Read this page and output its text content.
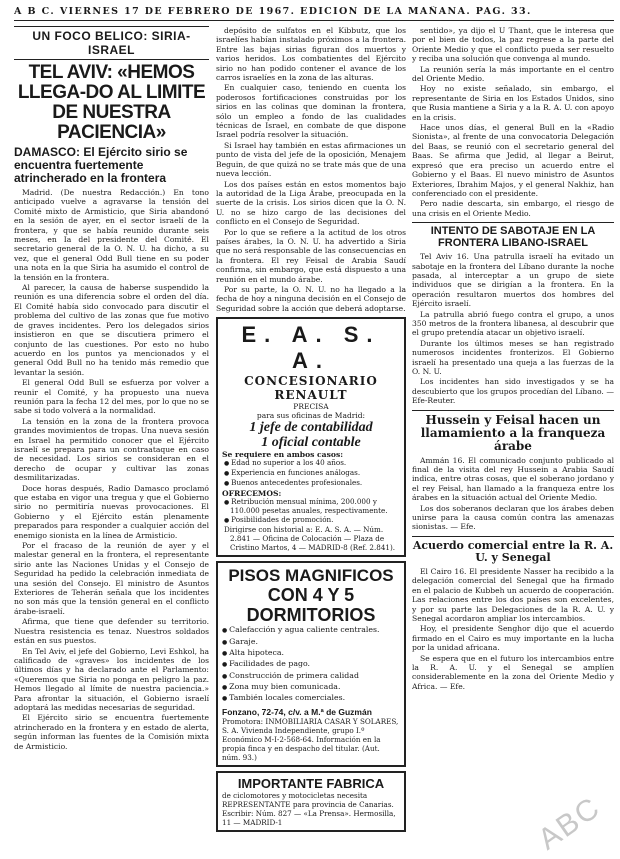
A B C. VIERNES 17 DE FEBRERO DE 1967. EDICION DE LA MAÑANA. PAG. 33.
UN FOCO BELICO: SIRIA-ISRAEL
TEL AVIV: «HEMOS LLEGA-DO AL LIMITE DE NUESTRA PACIENCIA»
DAMASCO: El Ejército sirio se encuentra fuertemente atrincherado en la frontera

Madrid. (De nuestra Redacción.) En tono anticipado vuelve a agravarse la tensión del Comité mixto de Armisticio, que Siria abandonó en la sesión de ayer, en el sector israelí de la frontera, y que se había reunido durante seis meses, en Ia del presidente del Comité. El secretario general de la O. N. U. ha dicho, a su vez, que el general Odd Bull tiene en su poder una nota en la que Siria ha asumido el control de la tensión en la frontera.

Al parecer, la causa de haberse suspendido la reunión es una diferencia sobre el orden del día. El Comité había sido convocado para discutir el problema del cultivo de las zonas que fue motivo de graves incidentes. Pero los delegados sirios insistieron en que se discutiera primero el conjunto de las cuestiones. Por esto no hubo acuerdo en los puntos ya mencionados y el general Odd Bull no ha tenido más remedio que levantar la sesión.

El general Odd Bull se esfuerza por volver a reunir el Comité, y ha propuesto una nueva reunión para la fecha 12 del mes, por lo que no se sabe si todo volverá a la normalidad.

La tensión en la zona de la frontera provoca grandes movimientos de tropas. Una nueva sesión en Israel ha permitido conocer que el Ejército israelí se prepara para un contraataque en caso de necesidad. Los sirios se consideran en el derecho de ocupar y cultivar las zonas desmilitarizadas.

Doce horas después, Radio Damasco proclamó que estaba en vigor una tregua y que el Gobierno sirio no permitiría nuevas provocaciones. El Gobierno y el Ejército están plenamente preparados para responder a cualquier acción del enemigo sionista en la línea de Armisticio.

Por el fracaso de la reunión de ayer y el malestar general en la frontera, el representante sirio ante las Naciones Unidas y el Consejo de Seguridad ha pedido la celebración inmediata de una sesión del Consejo. El ministro de Asuntos Exteriores de Teherán señala que los incidentes no son más que la tensión general en el conflicto árabe-israelí.

Afirma, que tiene que defender su territorio. Nuestra resistencia es tenaz. Nuestros soldados están en sus puestos.

En Tel Aviv, el jefe del Gobierno, Levi Eshkol, ha calificado de «graves» los incidentes de los últimos días y ha declarado ante el Parlamento: «Queremos que Siria no ponga en peligro la paz. Hemos llegado al límite de nuestra paciencia.» Para afrontar la situación, el Gobierno israelí adoptará las medidas necesarias de seguridad.

El Ejército sirio se encuentra fuertemente atrincherado en la frontera y en estado de alerta, según informan las fuentes de la Comisión mixta de Armisticio.

depósito de sulfatos en el Kibbutz, que los israelíes habían instalado próximos a la frontera. Entre las bajas sirias figuran dos muertos y varios heridos. Los combatientes del Ejército sirio no han podido contener el avance de los carros israelíes en la zona de las alturas.

En cualquier caso, teniendo en cuenta los poderosos fortificaciones construidas por los sirios en las colinas que dominan la frontera, sólo un empleo a fondo de las cualidades técnicas de Israel, en combate de que dispone Israel podría resolver la situación.

Si Israel hay también en estas afirmaciones un punto de vista del jefe de la oposición, Menajem Beguin, de que quizá no se trate más que de una nueva lección.

Los dos países están en estos momentos bajo la autoridad de la Liga Árabe, preocupada en la suerte de la crisis. Los sirios dicen que la O. N. U. no se hizo cargo de las decisiones del conflicto en el Consejo de Seguridad.

Por lo que se refiere a la actitud de los otros países árabes, la O. N. U. ha advertido a Siria que no será responsable de las consecuencias en la frontera. El rey Feisal de Arabia Saudí confirma, sin embargo, que está dispuesto a una reunión en el mundo árabe.

Por su parte, la O. N. U. no ha llegado a la fecha de hoy a ninguna decisión en el Consejo de Seguridad sobre la acción que deberá adoptarse.

E. A. S. A.
CONCESIONARIO RENAULT
PRECISA
para sus oficinas de Madrid:
1 jefe de contabilidad
1 oficial contable
Se requiere en ambos casos:
● Edad no superior a los 40 años.
● Experiencia en funciones análogas.
● Buenos antecedentes profesionales.
OFRECEMOS:
● Retribución mensual mínima, 200.000 y 110.000 pesetas anuales, respectivamente.
● Posibilidades de promoción.
Dirigirse con historial a: E. A. S. A. — Núm. 2.841 — Oficina de Colocación — Plaza de Cristino Martos, 4 — MADRID-8 (Ref. 2.841).
PISOS MAGNIFICOS
CON 4 Y 5 DORMITORIOS
● Calefacción y agua caliente centrales.
● Garaje.
● Alta hipoteca.
● Facilidades de pago.
● Construcción de primera calidad
● Zona muy bien comunicada.
● También locales comerciales.
Fonzano, 72-74, c/v. a M.ª de Guzmán
Promotora: INMOBILIARIA CASAR Y SOLARES, S. A. Vivienda Independiente, grupo I.º Económico M-I-2-568-64. Información en la propia finca y en despacho del titular. (Aut. núm. 93.)
IMPORTANTE FABRICA
de ciclomotores y motocicletas necesita REPRESENTANTE para provincia de Canarias. Escribir: Núm. 827 — «La Prensa». Hermosilla, 11 — MADRID-1

sentido», ya dijo el U Thant, que le interesa que por el bien de todos, la paz regrese a la parte del Oriente Medio y que el conflicto pueda ser resuelto y reciba una solución que convenga al mundo.

La reunión sería la más importante en el centro del Oriente Medio.

Hoy no existe señalado, sin embargo, el representante de Siria en los Estados Unidos, sino que Rusia mantiene a Siria y a la R. A. U. con apoyo en la crisis.

Hace unos días, el general Bull en la «Radio Sionista», al frente de una convocatoria Delegación del Baas, se reunió con el secretario general del Baas. Se afirma que Jedid, al llegar a Beirut, expresó que era preciso un acuerdo entre el Gobierno y el Baas. El nuevo ministro de Asuntos Exteriores, Ibrahim Majos, y el general Nakhiz, han conferenciado con el presidente.

Pero nadie descarta, sin embargo, el riesgo de una crisis en el Oriente Medio.

INTENTO DE SABOTAJE EN LA FRONTERA LIBANO-ISRAEL

Tel Aviv 16. Una patrulla israelí ha evitado un sabotaje en la frontera del Líbano durante la noche pasada, al interceptar a un grupo de siete individuos que se dirigían a la frontera. En la operación resultaron muertos dos hombres del Ejército israelí.

La patrulla abrió fuego contra el grupo, a unos 350 metros de la frontera libanesa, al descubrir que el grupo pretendía atacar un objetivo israelí.

Durante los últimos meses se han registrado numerosos incidentes fronterizos. El Gobierno israelí ha presentado una queja a las fuerzas de la O. N. U.

Los incidentes han sido investigados y se ha descubierto que los grupos procedían del Líbano. — Efe-Reuter.

Hussein y Feisal hacen un llamamiento a la franqueza árabe

Ammán 16. El comunicado conjunto publicado al final de la visita del rey Hussein a Arabia Saudí indica, entre otras cosas, que el soberano jordano y el rey Feisal, han llamado a la franqueza entre los árabes en la situación actual del Oriente Medio.

Los dos soberanos declaran que los árabes deben unirse para la causa común contra las amenazas sionistas. — Efe.

Acuerdo comercial entre la R. A. U. y Senegal

El Cairo 16. El presidente Nasser ha recibido a la delegación comercial del Senegal que ha firmado en el palacio de Kubbeh un acuerdo de cooperación. Las relaciones entre los dos países son excelentes, y por su parte las Delegaciones de la R. A. U. y Senegal acordaron ampliar los intercambios.

Hoy, el presidente Senghor dijo que el acuerdo firmado en el Cairo es muy importante en la lucha por la unidad africana.

Se espera que en el futuro los intercambios entre la R. A. U. y el Senegal se amplíen considerablemente en la zona del Oriente Medio y Africa. — Efe.

ABC
